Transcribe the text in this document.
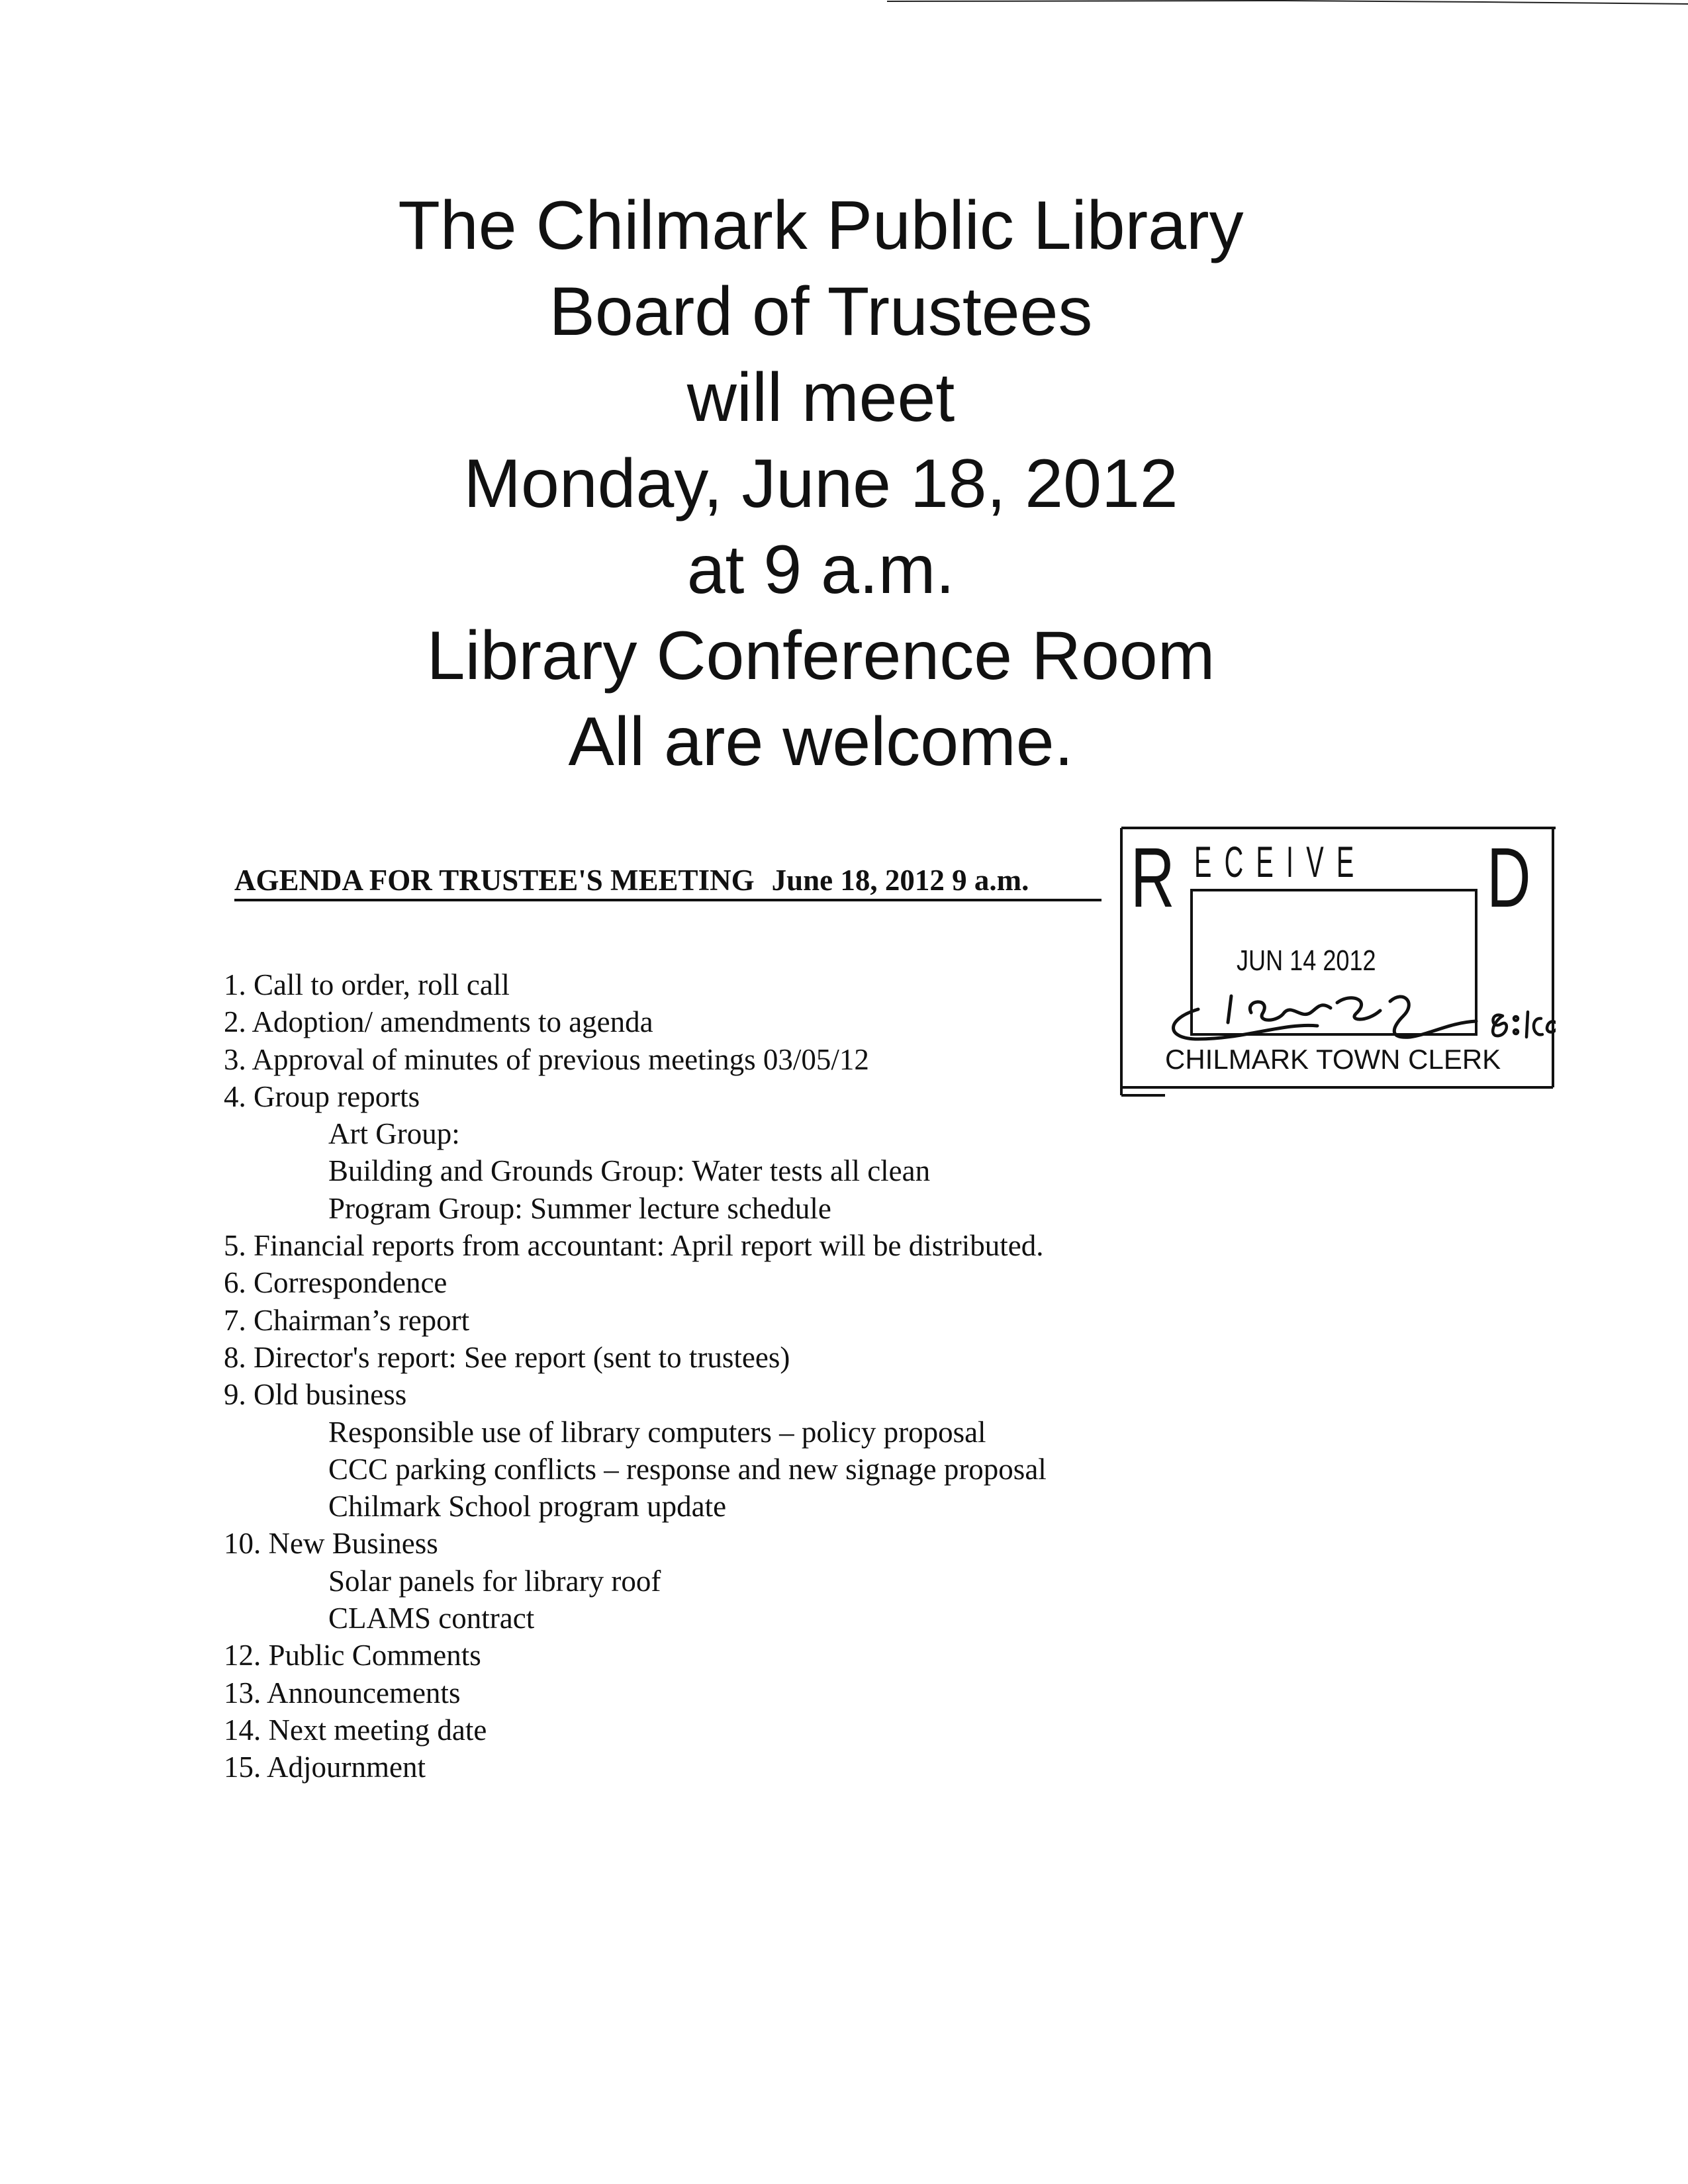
The Chilmark Public Library
Board of Trustees
will meet
Monday, June 18, 2012
at 9 a.m.
Library Conference Room
All are welcome.
AGENDA FOR TRUSTEE'S MEETING June 18, 2012 9 a.m.
1. Call to order, roll call
2. Adoption/ amendments to agenda
3. Approval of minutes of previous meetings 03/05/12
4. Group reports
Art Group:
Building and Grounds Group: Water tests all clean
Program Group: Summer lecture schedule
5. Financial reports from accountant: April report will be distributed.
6. Correspondence
7. Chairman’s report
8. Director's report: See report (sent to trustees)
9. Old business
Responsible use of library computers – policy proposal
CCC parking conflicts – response and new signage proposal
Chilmark School program update
10. New Business
Solar panels for library roof
CLAMS contract
12. Public Comments
13. Announcements
14. Next meeting date
15. Adjournment
R ECEIVE D
JUN 14 2012
CHILMARK TOWN CLERK
